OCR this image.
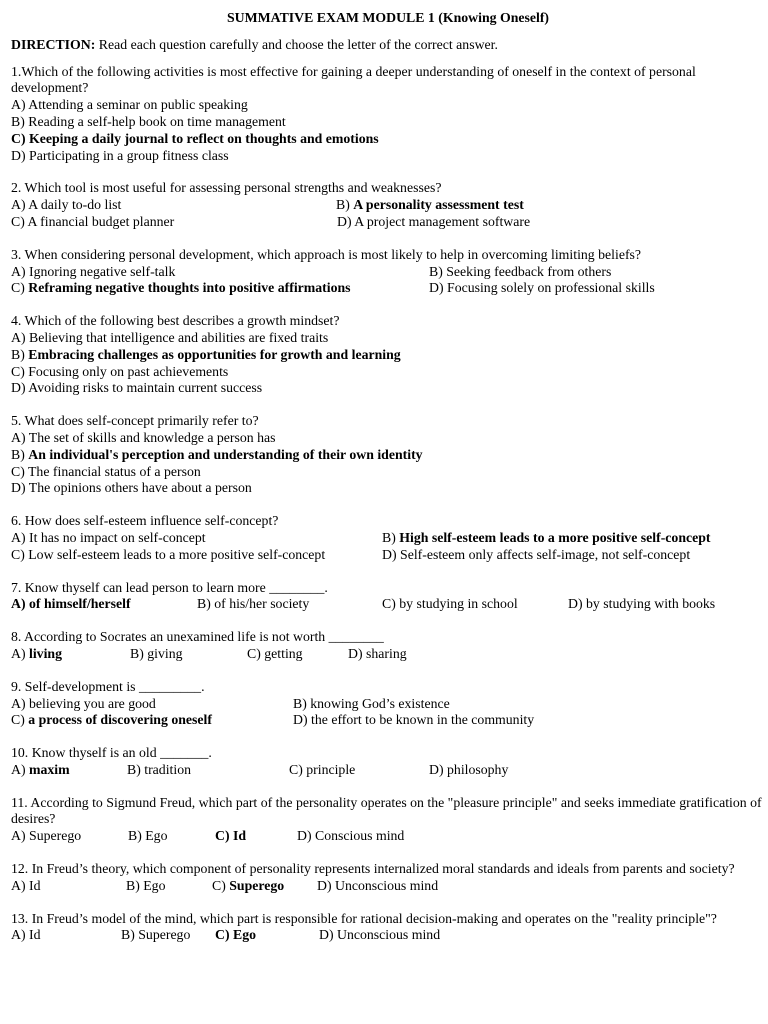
SUMMATIVE EXAM MODULE 1 (Knowing Oneself)
DIRECTION: Read each question carefully and choose the letter of the correct answer.
1.Which of the following activities is most effective for gaining a deeper understanding of oneself in the context of personal development?
A) Attending a seminar on public speaking
B) Reading a self-help book on time management
C) Keeping a daily journal to reflect on thoughts and emotions
D) Participating in a group fitness class
2. Which tool is most useful for assessing personal strengths and weaknesses?
A) A daily to-do list	B) A personality assessment test
C) A financial budget planner	D) A project management software
3. When considering personal development, which approach is most likely to help in overcoming limiting beliefs?
A) Ignoring negative self-talk	B) Seeking feedback from others
C) Reframing negative thoughts into positive affirmations	D) Focusing solely on professional skills
4. Which of the following best describes a growth mindset?
A) Believing that intelligence and abilities are fixed traits
B) Embracing challenges as opportunities for growth and learning
C) Focusing only on past achievements
D) Avoiding risks to maintain current success
5. What does self-concept primarily refer to?
A) The set of skills and knowledge a person has
B) An individual's perception and understanding of their own identity
C) The financial status of a person
D) The opinions others have about a person
6. How does self-esteem influence self-concept?
A) It has no impact on self-concept	B) High self-esteem leads to a more positive self-concept
C) Low self-esteem leads to a more positive self-concept	D) Self-esteem only affects self-image, not self-concept
7. Know thyself can lead person to learn more ________.
A) of himself/herself	B) of his/her society	C) by studying in school	D) by studying with books
8. According to Socrates an unexamined life is not worth ________
A) living	B) giving	C) getting	D) sharing
9. Self-development is _________.
A) believing you are good	B) knowing God’s existence
C) a process of discovering oneself	D) the effort to be known in the community
10. Know thyself is an old _______.
A) maxim	B) tradition	C) principle	D) philosophy
11. According to Sigmund Freud, which part of the personality operates on the "pleasure principle" and seeks immediate gratification of desires?
A) Superego	B) Ego	C) Id	D) Conscious mind
12. In Freud’s theory, which component of personality represents internalized moral standards and ideals from parents and society?
A) Id	B) Ego	C) Superego D) Unconscious mind
13. In Freud’s model of the mind, which part is responsible for rational decision-making and operates on the "reality principle"?
A) Id	B) Superego C) Ego	D) Unconscious mind
